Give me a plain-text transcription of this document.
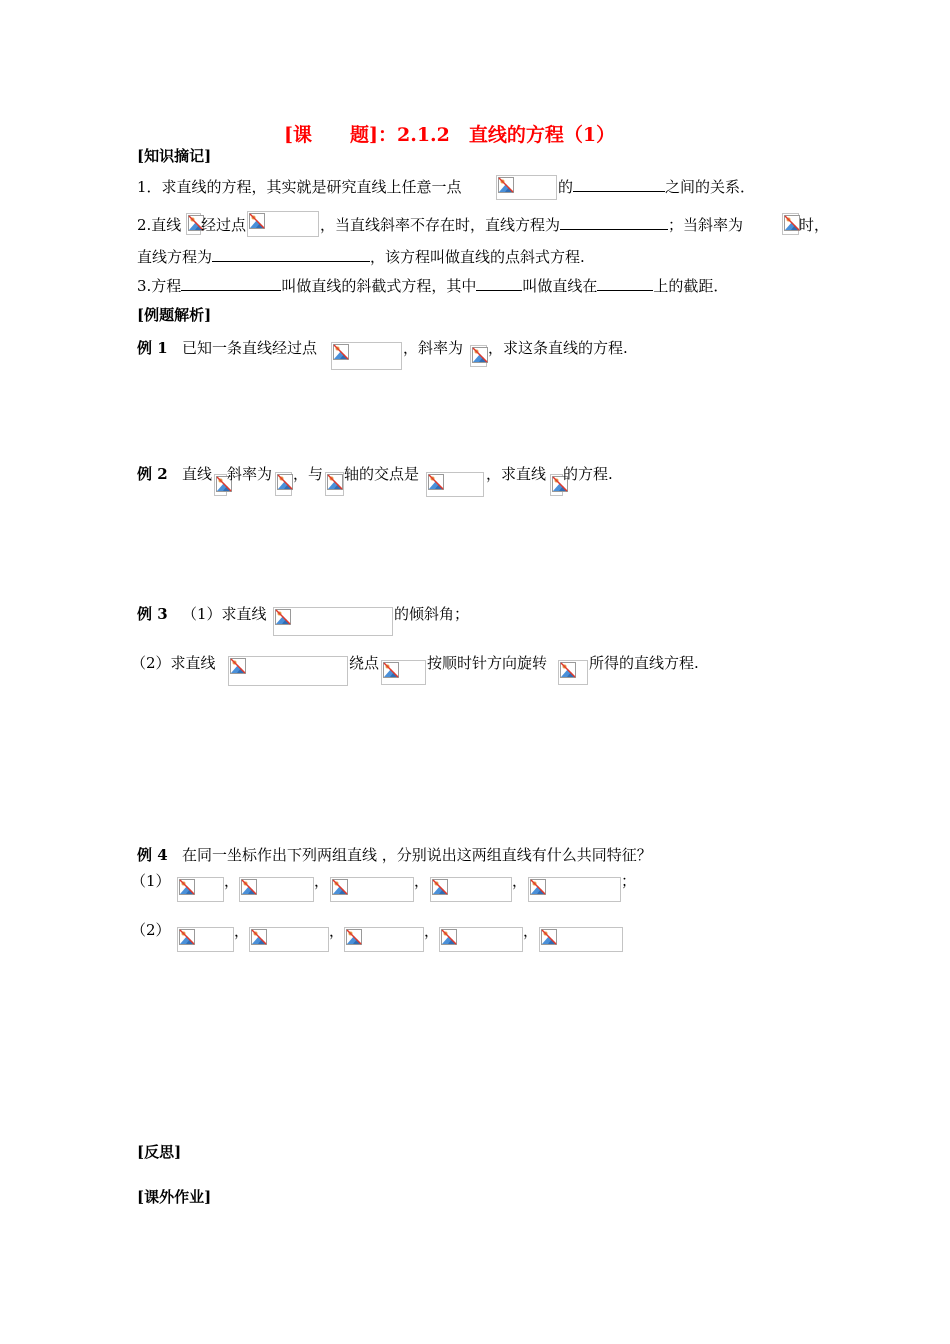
[课　　题]：2.1.2　直线的方程（1）
[知识摘记]
1．求直线的方程，其实就是研究直线上任意一点	的	之间的关系．
2.直线 经过点	，当直线斜率不存在时，直线方程为	；当斜率为	时，
直线方程为	，该方程叫做直线的点斜式方程.
3.方程	叫做直线的斜截式方程，其中	叫做直线在	上的截距．
[例题解析]
例 1 已知一条直线经过点	，斜率为 ，求这条直线的方程.
例 2 直线 斜率为 ，与 轴的交点是	，求直线 的方程.
例 3 （1）求直线	的倾斜角；
（2）求直线	绕点	按顺时针方向旋转	所得的直线方程.
例 4 在同一坐标作出下列两组直线 ，分别说出这两组直线有什么共同特征？
（1）	，	，	，	，	；
（2）	，	，	，	，
[反思]
[课外作业]
